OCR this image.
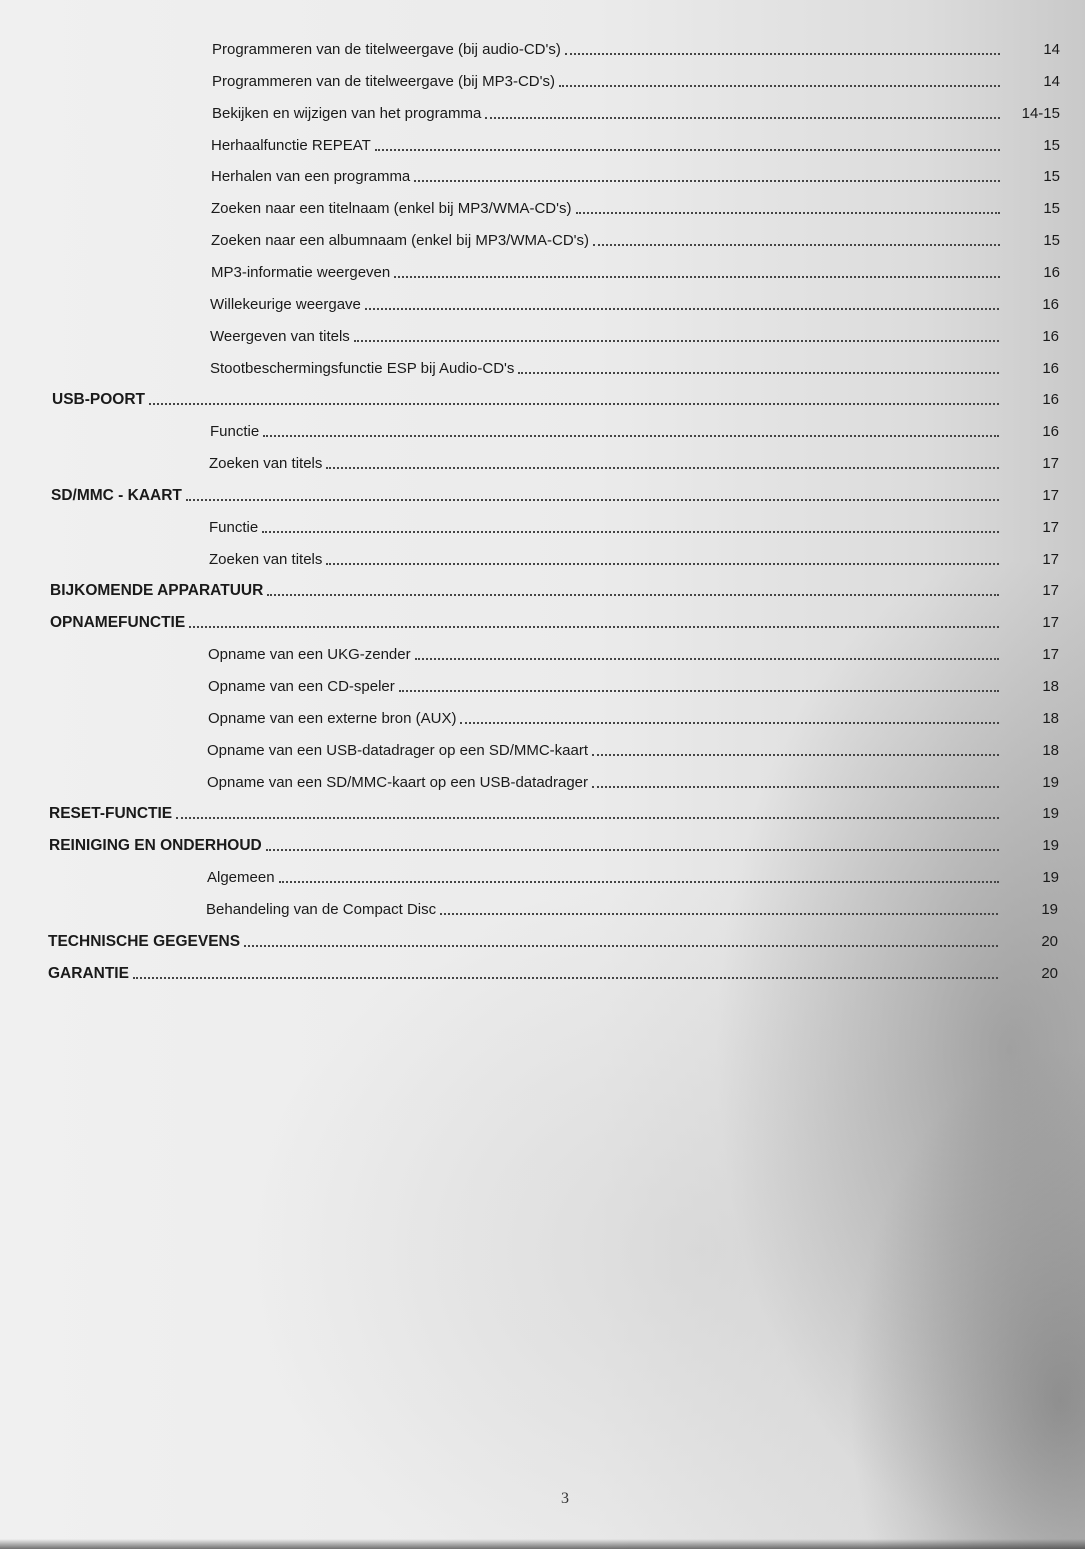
Programmeren van de titelweergave (bij audio-CD's)	14
Programmeren van de titelweergave (bij MP3-CD's)	14
Bekijken en wijzigen van het programma	14-15
Herhaalfunctie REPEAT	15
Herhalen van een programma	15
Zoeken naar een titelnaam (enkel bij MP3/WMA-CD's)	15
Zoeken naar een albumnaam (enkel bij MP3/WMA-CD's)	15
MP3-informatie weergeven	16
Willekeurige weergave	16
Weergeven van titels	16
Stootbeschermingsfunctie ESP bij Audio-CD's	16
USB-POORT	16
Functie	16
Zoeken van titels	17
SD/MMC - KAART	17
Functie	17
Zoeken van titels	17
BIJKOMENDE APPARATUUR	17
OPNAMEFUNCTIE	17
Opname van een UKG-zender	17
Opname van een CD-speler	18
Opname van een externe bron (AUX)	18
Opname van een USB-datadrager op een SD/MMC-kaart	18
Opname van een SD/MMC-kaart op een USB-datadrager	19
RESET-FUNCTIE	19
REINIGING EN ONDERHOUD	19
Algemeen	19
Behandeling van de Compact Disc	19
TECHNISCHE GEGEVENS	20
GARANTIE	20
3
